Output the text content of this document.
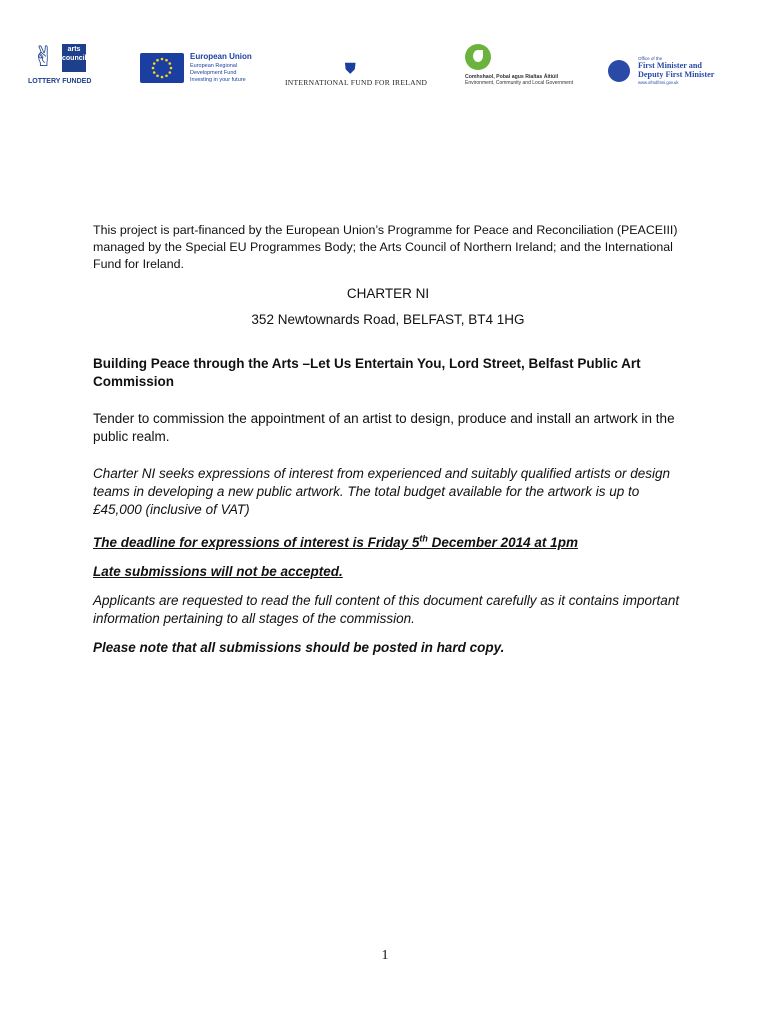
✌	arts council
LOTTERY FUNDED
European Union
European Regional
Development Fund
Investing in your future
⛊
INTERNATIONAL FUND FOR IRELAND
Comhshaol, Pobal agus Rialtas Áitiúil
Environment, Community and Local Government
Office of the
First Minister and
Deputy First Minister
www.ofmdfmni.gov.uk

This project is part-financed by the European Union’s Programme for Peace and Reconciliation (PEACEIII) managed by the Special EU Programmes Body; the Arts Council of Northern Ireland; and the International Fund for Ireland.

CHARTER NI

352 Newtownards Road, BELFAST, BT4 1HG

Building Peace through the Arts –Let Us Entertain You, Lord Street, Belfast Public Art Commission

Tender to commission the appointment of an artist to design, produce and install an artwork in the public realm.

Charter NI seeks expressions of interest from experienced and suitably qualified artists or design teams in developing a new public artwork. The total budget available for the artwork is up to £45,000 (inclusive of VAT)

The deadline for expressions of interest is Friday 5th December 2014 at 1pm

Late submissions will not be accepted.

Applicants are requested to read the full content of this document carefully as it contains important information pertaining to all stages of the commission.

Please note that all submissions should be posted in hard copy.

1
